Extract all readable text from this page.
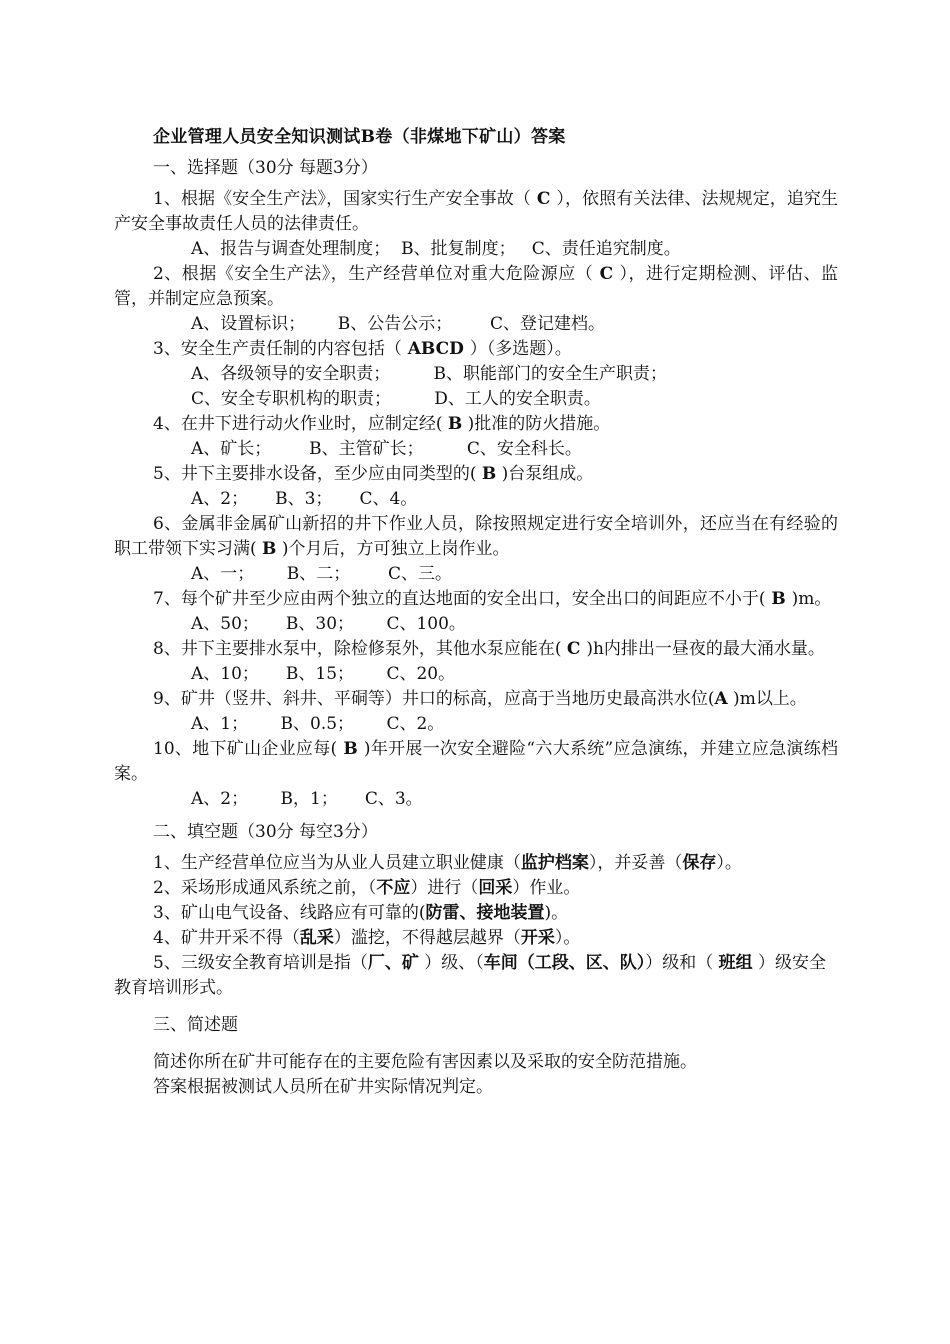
企业管理人员安全知识测试B卷（非煤地下矿山）答案
一、选择题（30分 每题3分）
1、根据《安全生产法》，国家实行生产安全事故（ C ），依照有关法律、法规规定，追究生产安全事故责任人员的法律责任。
A、报告与调查处理制度；  B、批复制度；   C、责任追究制度。
2、根据《安全生产法》，生产经营单位对重大危险源应（ C ），进行定期检测、评估、监管，并制定应急预案。
A、设置标识；      B、公告公示；       C、登记建档。
3、安全生产责任制的内容包括（ ABCD ）（多选题）。
A、各级领导的安全职责；        B、职能部门的安全生产职责；
C、安全专职机构的职责；        D、工人的安全职责。
4、在井下进行动火作业时，应制定经( B )批准的防火措施。
A、矿长；       B、主管矿长；        C、安全科长。
5、井下主要排水设备，至少应由同类型的( B )台泵组成。
A、2；     B、3；     C、4。
6、金属非金属矿山新招的井下作业人员，除按照规定进行安全培训外，还应当在有经验的职工带领下实习满( B )个月后，方可独立上岗作业。
A、一；      B、二；       C、三。
7、每个矿井至少应由两个独立的直达地面的安全出口，安全出口的间距应不小于( B )m。
A、50；     B、30；      C、100。
8、井下主要排水泵中，除检修泵外，其他水泵应能在( C )h内排出一昼夜的最大涌水量。
A、10；     B、15；      C、20。
9、矿井（竖井、斜井、平硐等）井口的标高，应高于当地历史最高洪水位(A )m以上。
A、1；      B、0.5；      C、2。
10、地下矿山企业应每( B )年开展一次安全避险“六大系统”应急演练，并建立应急演练档案。
A、2；      B，1；     C、3。
二、填空题（30分 每空3分）
1、生产经营单位应当为从业人员建立职业健康（监护档案），并妥善（保存）。
2、采场形成通风系统之前，（不应）进行（回采）作业。
3、矿山电气设备、线路应有可靠的(防雷、接地装置)。
4、矿井开采不得（乱采）滥挖，不得越层越界（开采）。
5、三级安全教育培训是指（厂、矿 ）级、（车间（工段、区、队））级和（ 班组 ）级安全教育培训形式。
三、简述题
简述你所在矿井可能存在的主要危险有害因素以及采取的安全防范措施。
答案根据被测试人员所在矿井实际情况判定。
